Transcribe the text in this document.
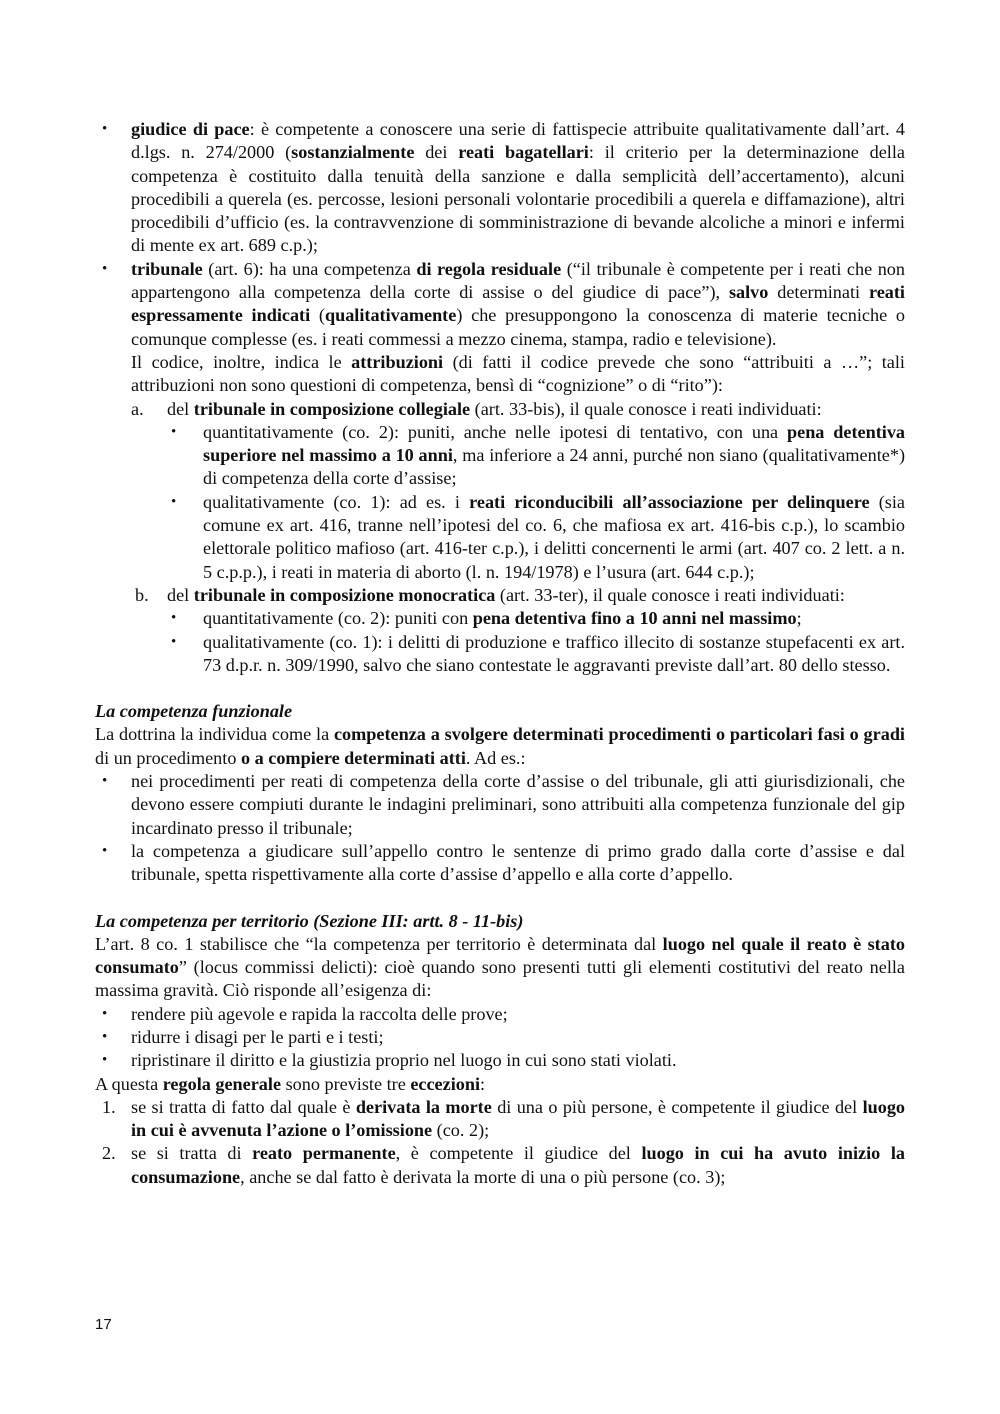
• giudice di pace: è competente a conoscere una serie di fattispecie attribuite qualitativamente dall’art. 4 d.lgs. n. 274/2000 (sostanzialmente dei reati bagatellari: il criterio per la determinazione della competenza è costituito dalla tenuità della sanzione e dalla semplicità dell’accertamento), alcuni procedibili a querela (es. percosse, lesioni personali volontarie procedibili a querela e diffamazione), altri procedibili d’ufficio (es. la contravvenzione di somministrazione di bevande alcoliche a minori e infermi di mente ex art. 689 c.p.);
• tribunale (art. 6): ha una competenza di regola residuale (“il tribunale è competente per i reati che non appartengono alla competenza della corte di assise o del giudice di pace”), salvo determinati reati espressamente indicati (qualitativamente) che presuppongono la conoscenza di materie tecniche o comunque complesse (es. i reati commessi a mezzo cinema, stampa, radio e televisione).
Il codice, inoltre, indica le attribuzioni (di fatti il codice prevede che sono “attribuiti a …”; tali attribuzioni non sono questioni di competenza, bensì di “cognizione” o di “rito”):
a. del tribunale in composizione collegiale (art. 33-bis), il quale conosce i reati individuati:
• quantitativamente (co. 2): puniti, anche nelle ipotesi di tentativo, con una pena detentiva superiore nel massimo a 10 anni, ma inferiore a 24 anni, purché non siano (qualitativamente*) di competenza della corte d’assise;
• qualitativamente (co. 1): ad es. i reati riconducibili all’associazione per delinquere (sia comune ex art. 416, tranne nell’ipotesi del co. 6, che mafiosa ex art. 416-bis c.p.), lo scambio elettorale politico mafioso (art. 416-ter c.p.), i delitti concernenti le armi (art. 407 co. 2 lett. a n. 5 c.p.p.), i reati in materia di aborto (l. n. 194/1978) e l’usura (art. 644 c.p.);
b. del tribunale in composizione monocratica (art. 33-ter), il quale conosce i reati individuati:
• quantitativamente (co. 2): puniti con pena detentiva fino a 10 anni nel massimo;
• qualitativamente (co. 1): i delitti di produzione e traffico illecito di sostanze stupefacenti ex art. 73 d.p.r. n. 309/1990, salvo che siano contestate le aggravanti previste dall’art. 80 dello stesso.
La competenza funzionale
La dottrina la individua come la competenza a svolgere determinati procedimenti o particolari fasi o gradi di un procedimento o a compiere determinati atti. Ad es.:
• nei procedimenti per reati di competenza della corte d’assise o del tribunale, gli atti giurisdizionali, che devono essere compiuti durante le indagini preliminari, sono attribuiti alla competenza funzionale del gip incardinato presso il tribunale;
• la competenza a giudicare sull’appello contro le sentenze di primo grado dalla corte d’assise e dal tribunale, spetta rispettivamente alla corte d’assise d’appello e alla corte d’appello.
La competenza per territorio (Sezione III: artt. 8 - 11-bis)
L’art. 8 co. 1 stabilisce che “la competenza per territorio è determinata dal luogo nel quale il reato è stato consumato” (locus commissi delicti): cioè quando sono presenti tutti gli elementi costitutivi del reato nella massima gravità. Ciò risponde all’esigenza di:
• rendere più agevole e rapida la raccolta delle prove;
• ridurre i disagi per le parti e i testi;
• ripristinare il diritto e la giustizia proprio nel luogo in cui sono stati violati.
A questa regola generale sono previste tre eccezioni:
1. se si tratta di fatto dal quale è derivata la morte di una o più persone, è competente il giudice del luogo in cui è avvenuta l’azione o l’omissione (co. 2);
2. se si tratta di reato permanente, è competente il giudice del luogo in cui ha avuto inizio la consumazione, anche se dal fatto è derivata la morte di una o più persone (co. 3);
17
